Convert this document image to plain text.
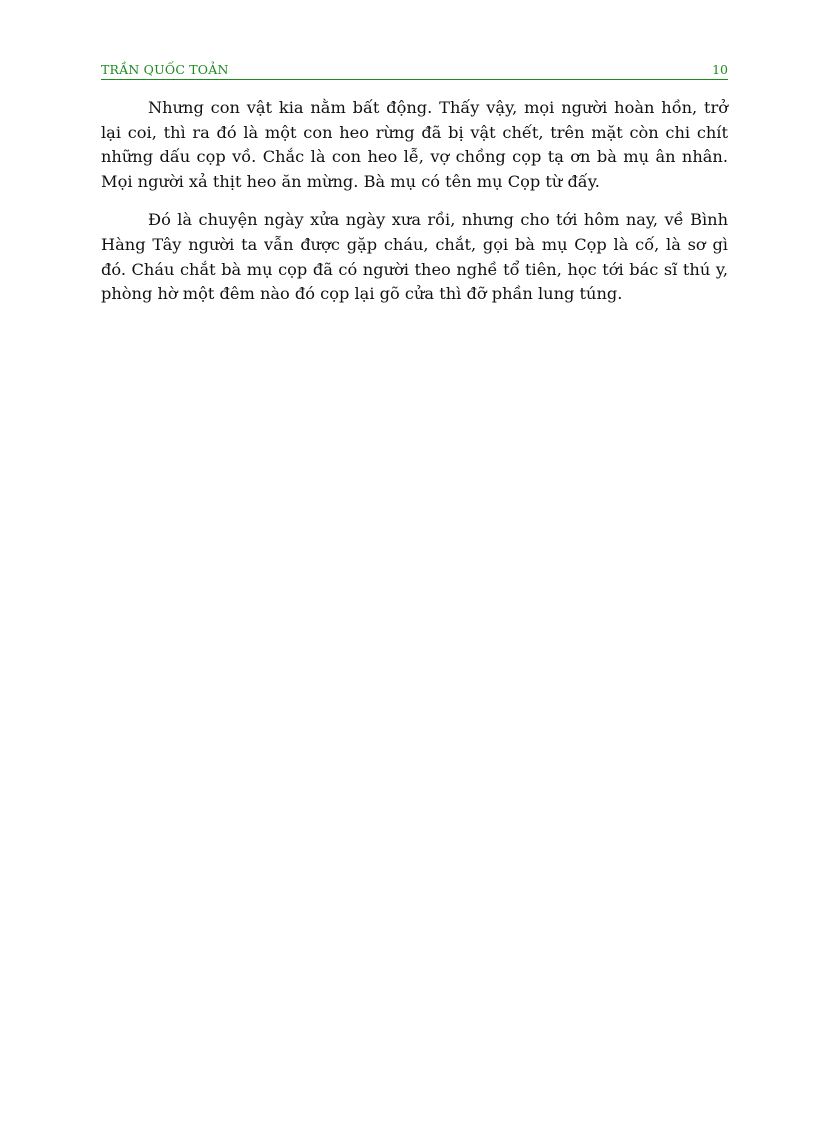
TRẦN QUỐC TOẢN	10

Nhưng con vật kia nằm bất động. Thấy vậy, mọi người hoàn hồn, trở lại coi, thì ra đó là một con heo rừng đã bị vật chết, trên mặt còn chi chít những dấu cọp vồ. Chắc là con heo lễ, vợ chồng cọp tạ ơn bà mụ ân nhân. Mọi người xả thịt heo ăn mừng. Bà mụ có tên mụ Cọp từ đấy.

Đó là chuyện ngày xửa ngày xưa rồi, nhưng cho tới hôm nay, về Bình Hàng Tây người ta vẫn được gặp cháu, chắt, gọi bà mụ Cọp là cố, là sơ gì đó. Cháu chắt bà mụ cọp đã có người theo nghề tổ tiên, học tới bác sĩ thú y, phòng hờ một đêm nào đó cọp lại gõ cửa thì đỡ phần lung túng.
